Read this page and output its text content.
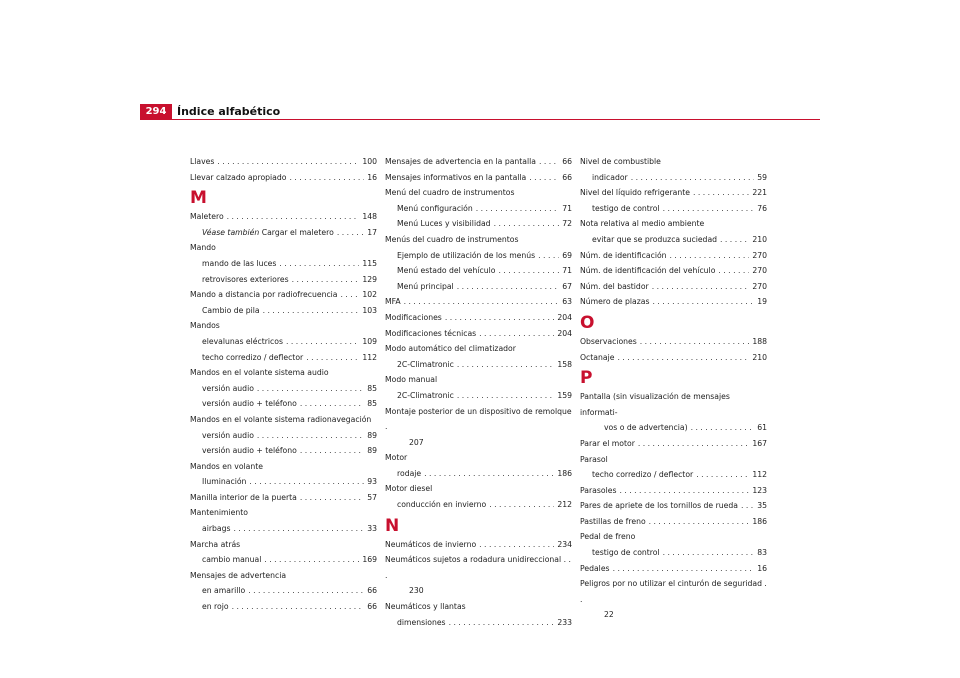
294 Índice alfabético
Llaves . . .	100
Llevar calzado apropiado . . .	16
M
Maletero . . .	148
Véase también Cargar el maletero . . .	17
Mando
mando de las luces . . .	115
retrovisores exteriores . . .	129
Mando a distancia por radiofrecuencia . . .	102
Cambio de pila . . .	103
Mandos
elevalunas eléctricos . . .	109
techo corredizo / deflector . . .	112
Mandos en el volante sistema audio
versión audio . . .	85
versión audio + teléfono . . .	85
Mandos en el volante sistema radionavegación
versión audio . . .	89
versión audio + teléfono . . .	89
Mandos en volante
Iluminación . . .	93
Manilla interior de la puerta . . .	57
Mantenimiento
airbags . . .	33
Marcha atrás
cambio manual . . .	169
Mensajes de advertencia
en amarillo . . .	66
en rojo . . .	66
Mensajes de advertencia en la pantalla . . .	66
Mensajes informativos en la pantalla . . .	66
Menú del cuadro de instrumentos
Menú configuración . . .	71
Menú Luces y visibilidad . . .	72
Menús del cuadro de instrumentos
Ejemplo de utilización de los menús . . .	69
Menú estado del vehículo . . .	71
Menú principal . . .	67
MFA . . .	63
Modificaciones . . .	204
Modificaciones técnicas . . .	204
Modo automático del climatizador
2C-Climatronic . . .	158
Modo manual
2C-Climatronic . . .	159
Montaje posterior de un dispositivo de remolque .
207
Motor
rodaje . . .	186
Motor diesel
conducción en invierno . . .	212
N
Neumáticos de invierno . . .	234
Neumáticos sujetos a rodadura unidireccional . . .
230
Neumáticos y llantas
dimensiones . . .	233
Nivel de combustible
indicador . . .	59
Nivel del líquido refrigerante . . .	221
testigo de control . . .	76
Nota relativa al medio ambiente
evitar que se produzca suciedad . . .	210
Núm. de identificación . . .	270
Núm. de identificación del vehículo . . .	270
Núm. del bastidor . . .	270
Número de plazas . . .	19
O
Observaciones . . .	188
Octanaje . . .	210
P
Pantalla (sin visualización de mensajes informati-
vos o de advertencia) . . .	61
Parar el motor . . .	167
Parasol
techo corredizo / deflector . . .	112
Parasoles . . .	123
Pares de apriete de los tornillos de rueda . . .	35
Pastillas de freno . . .	186
Pedal de freno
testigo de control . . .	83
Pedales . . .	16
Peligros por no utilizar el cinturón de seguridad . .
22
